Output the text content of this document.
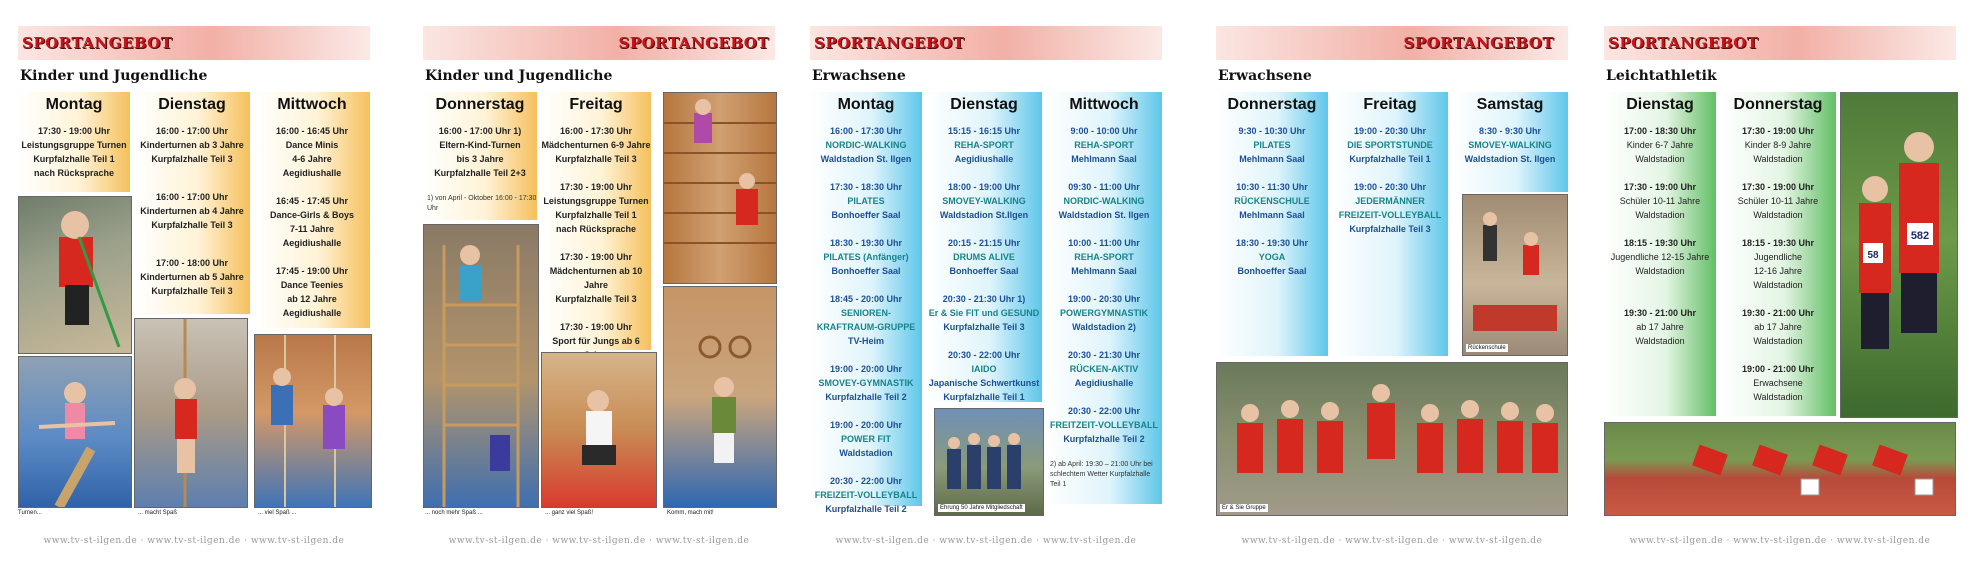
SPORTANGEBOT
Kinder und Jugendliche
Montag
17:30 - 19:00 Uhr
Leistungsgruppe Turnen
Kurpfalzhalle Teil 1
nach Rücksprache
Dienstag
16:00 - 17:00 Uhr
Kinderturnen ab 3 Jahre
Kurpfalzhalle Teil 3
16:00 - 17:00 Uhr
Kinderturnen ab 4 Jahre
Kurpfalzhalle Teil 3
17:00 - 18:00 Uhr
Kinderturnen ab 5 Jahre
Kurpfalzhalle Teil 3
Mittwoch
16:00 - 16:45 Uhr
Dance Minis
4-6 Jahre
Aegidiushalle
16:45 - 17:45 Uhr
Dance-Girls & Boys
7-11 Jahre
Aegidiushalle
17:45 - 19:00 Uhr
Dance Teenies
ab 12 Jahre
Aegidiushalle
Turnen...	... macht Spaß	... viel Spaß ...
www.tv-st-ilgen.de · www.tv-st-ilgen.de · www.tv-st-ilgen.de
SPORTANGEBOT
Kinder und Jugendliche
Donnerstag
16:00 - 17:00 Uhr 1)
Eltern-Kind-Turnen
bis 3 Jahre
Kurpfalzhalle Teil 2+3
1) von April - Oktober 16:00 - 17:30 Uhr
Freitag
16:00 - 17:30 Uhr
Mädchenturnen 6-9 Jahre
Kurpfalzhalle Teil 3
17:30 - 19:00 Uhr
Leistungsgruppe Turnen
Kurpfalzhalle Teil 1
nach Rücksprache
17:30 - 19:00 Uhr
Mädchenturnen ab 10 Jahre
Kurpfalzhalle Teil 3
17:30 - 19:00 Uhr
Sport für Jungs ab 6
... noch mehr Spaß ...	... ganz viel Spaß!	Komm, mach mit!
www.tv-st-ilgen.de · www.tv-st-ilgen.de · www.tv-st-ilgen.de
SPORTANGEBOT
Erwachsene
Montag
16:00 - 17:30 Uhr
NORDIC-WALKING
Waldstadion St. Ilgen
17:30 - 18:30 Uhr
PILATES
Bonhoeffer Saal
18:30 - 19:30 Uhr
PILATES (Anfänger)
Bonhoeffer Saal
18:45 - 20:00 Uhr
SENIOREN-
KRAFTRAUM-GRUPPE
TV-Heim
19:00 - 20:00 Uhr
SMOVEY-GYMNASTIK
Kurpfalzhalle Teil 2
19:00 - 20:00 Uhr
POWER FIT
Waldstadion
20:30 - 22:00 Uhr
FREIZEIT-VOLLEYBALL
Kurpfalzhalle Teil 2
Dienstag
15:15 - 16:15 Uhr
REHA-SPORT
Aegidiushalle
18:00 - 19:00 Uhr
SMOVEY-WALKING
Waldstadion St.Ilgen
20:15 - 21:15 Uhr
DRUMS ALIVE
Bonhoeffer Saal
20:30 - 21:30 Uhr 1)
Er & Sie FIT und GESUND
Kurpfalzhalle Teil 3
20:30 - 22:00 Uhr
IAIDO
Japanische Schwertkunst
Kurpfalzhalle Teil 1
Ehrung 50 Jahre Mitgliedschaft
Mittwoch
9:00 - 10:00 Uhr
REHA-SPORT
Mehlmann Saal
09:30 - 11:00 Uhr
NORDIC-WALKING
Waldstadion St. Ilgen
10:00 - 11:00 Uhr
REHA-SPORT
Mehlmann Saal
19:00 - 20:30 Uhr
POWERGYMNASTIK
Waldstadion 2)
20:30 - 21:30 Uhr
RÜCKEN-AKTIV
Aegidiushalle
20:30 - 22:00 Uhr
FREITZEIT-VOLLEYBALL
Kurpfalzhalle Teil 2
2) ab April: 19:30 – 21:00 Uhr bei schlechtem Wetter Kurpfalzhalle Teil 1
www.tv-st-ilgen.de · www.tv-st-ilgen.de · www.tv-st-ilgen.de
SPORTANGEBOT
Erwachsene
Donnerstag
9:30 - 10:30 Uhr
PILATES
Mehlmann Saal
10:30 - 11:30 Uhr
RÜCKENSCHULE
Mehlmann Saal
18:30 - 19:30 Uhr
YOGA
Bonhoeffer Saal
Freitag
19:00 - 20:30 Uhr
DIE SPORTSTUNDE
Kurpfalzhalle Teil 1
19:00 - 20:30 Uhr
JEDERMÄNNER
FREIZEIT-VOLLEYBALL
Kurpfalzhalle Teil 3
Samstag
8:30 - 9:30 Uhr
SMOVEY-WALKING
Waldstadion St. Ilgen
Rückenschule
Er & Sie Gruppe
www.tv-st-ilgen.de · www.tv-st-ilgen.de · www.tv-st-ilgen.de
SPORTANGEBOT
Leichtathletik
Dienstag
17:00 - 18:30 Uhr
Kinder 6-7 Jahre
Waldstadion
17:30 - 19:00 Uhr
Schüler 10-11 Jahre
Waldstadion
18:15 - 19:30 Uhr
Jugendliche 12-15 Jahre
Waldstadion
19:30 - 21:00 Uhr
ab 17 Jahre
Waldstadion
Donnerstag
17:30 - 19:00 Uhr
Kinder 8-9 Jahre
Waldstadion
17:30 - 19:00 Uhr
Schüler 10-11 Jahre
Waldstadion
18:15 - 19:30 Uhr
Jugendliche
12-16 Jahre
Waldstadion
19:30 - 21:00 Uhr
ab 17 Jahre
Waldstadion
19:00 - 21:00 Uhr
Erwachsene
Waldstadion
582
58
www.tv-st-ilgen.de · www.tv-st-ilgen.de · www.tv-st-ilgen.de
